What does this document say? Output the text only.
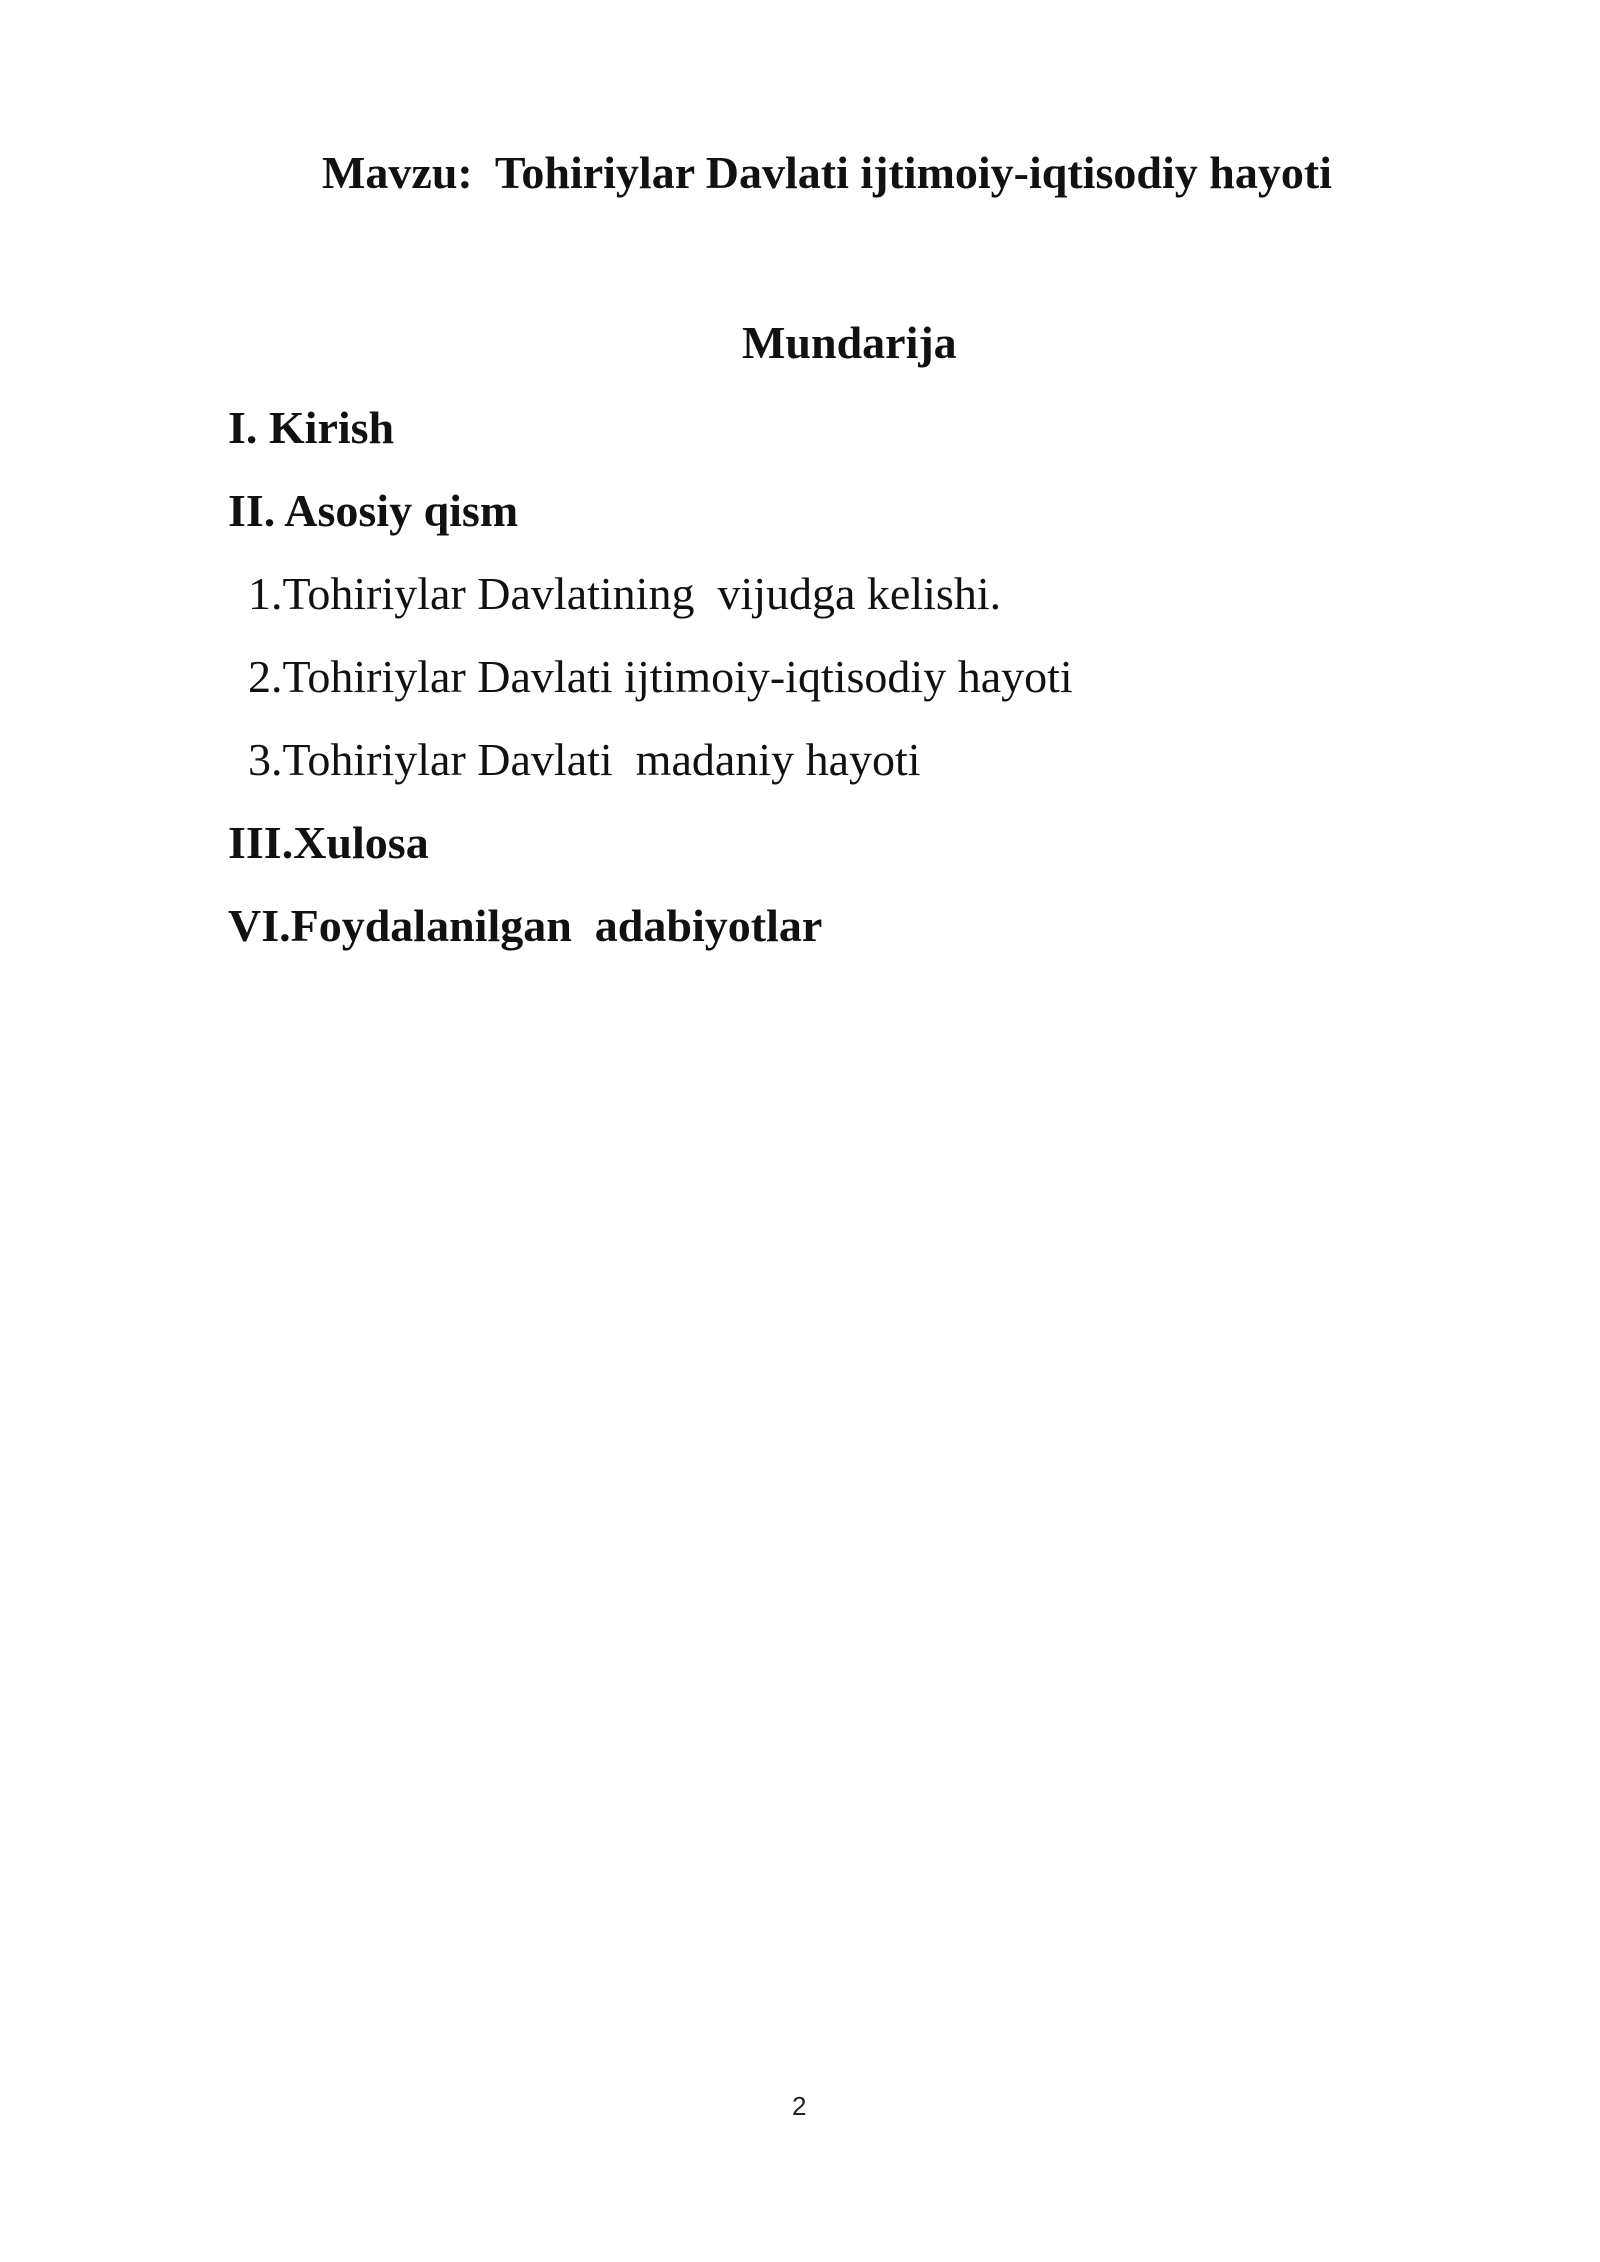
Mavzu:  Tohiriylar Davlati ijtimoiy-iqtisodiy hayoti
Mundarija
I. Kirish
II. Asosiy qism
1.Tohiriylar Davlatining  vijudga kelishi.
2.Tohiriylar Davlati ijtimoiy-iqtisodiy hayoti
3.Tohiriylar Davlati  madaniy hayoti
III.Xulosa
VI.Foydalanilgan  adabiyotlar
2
